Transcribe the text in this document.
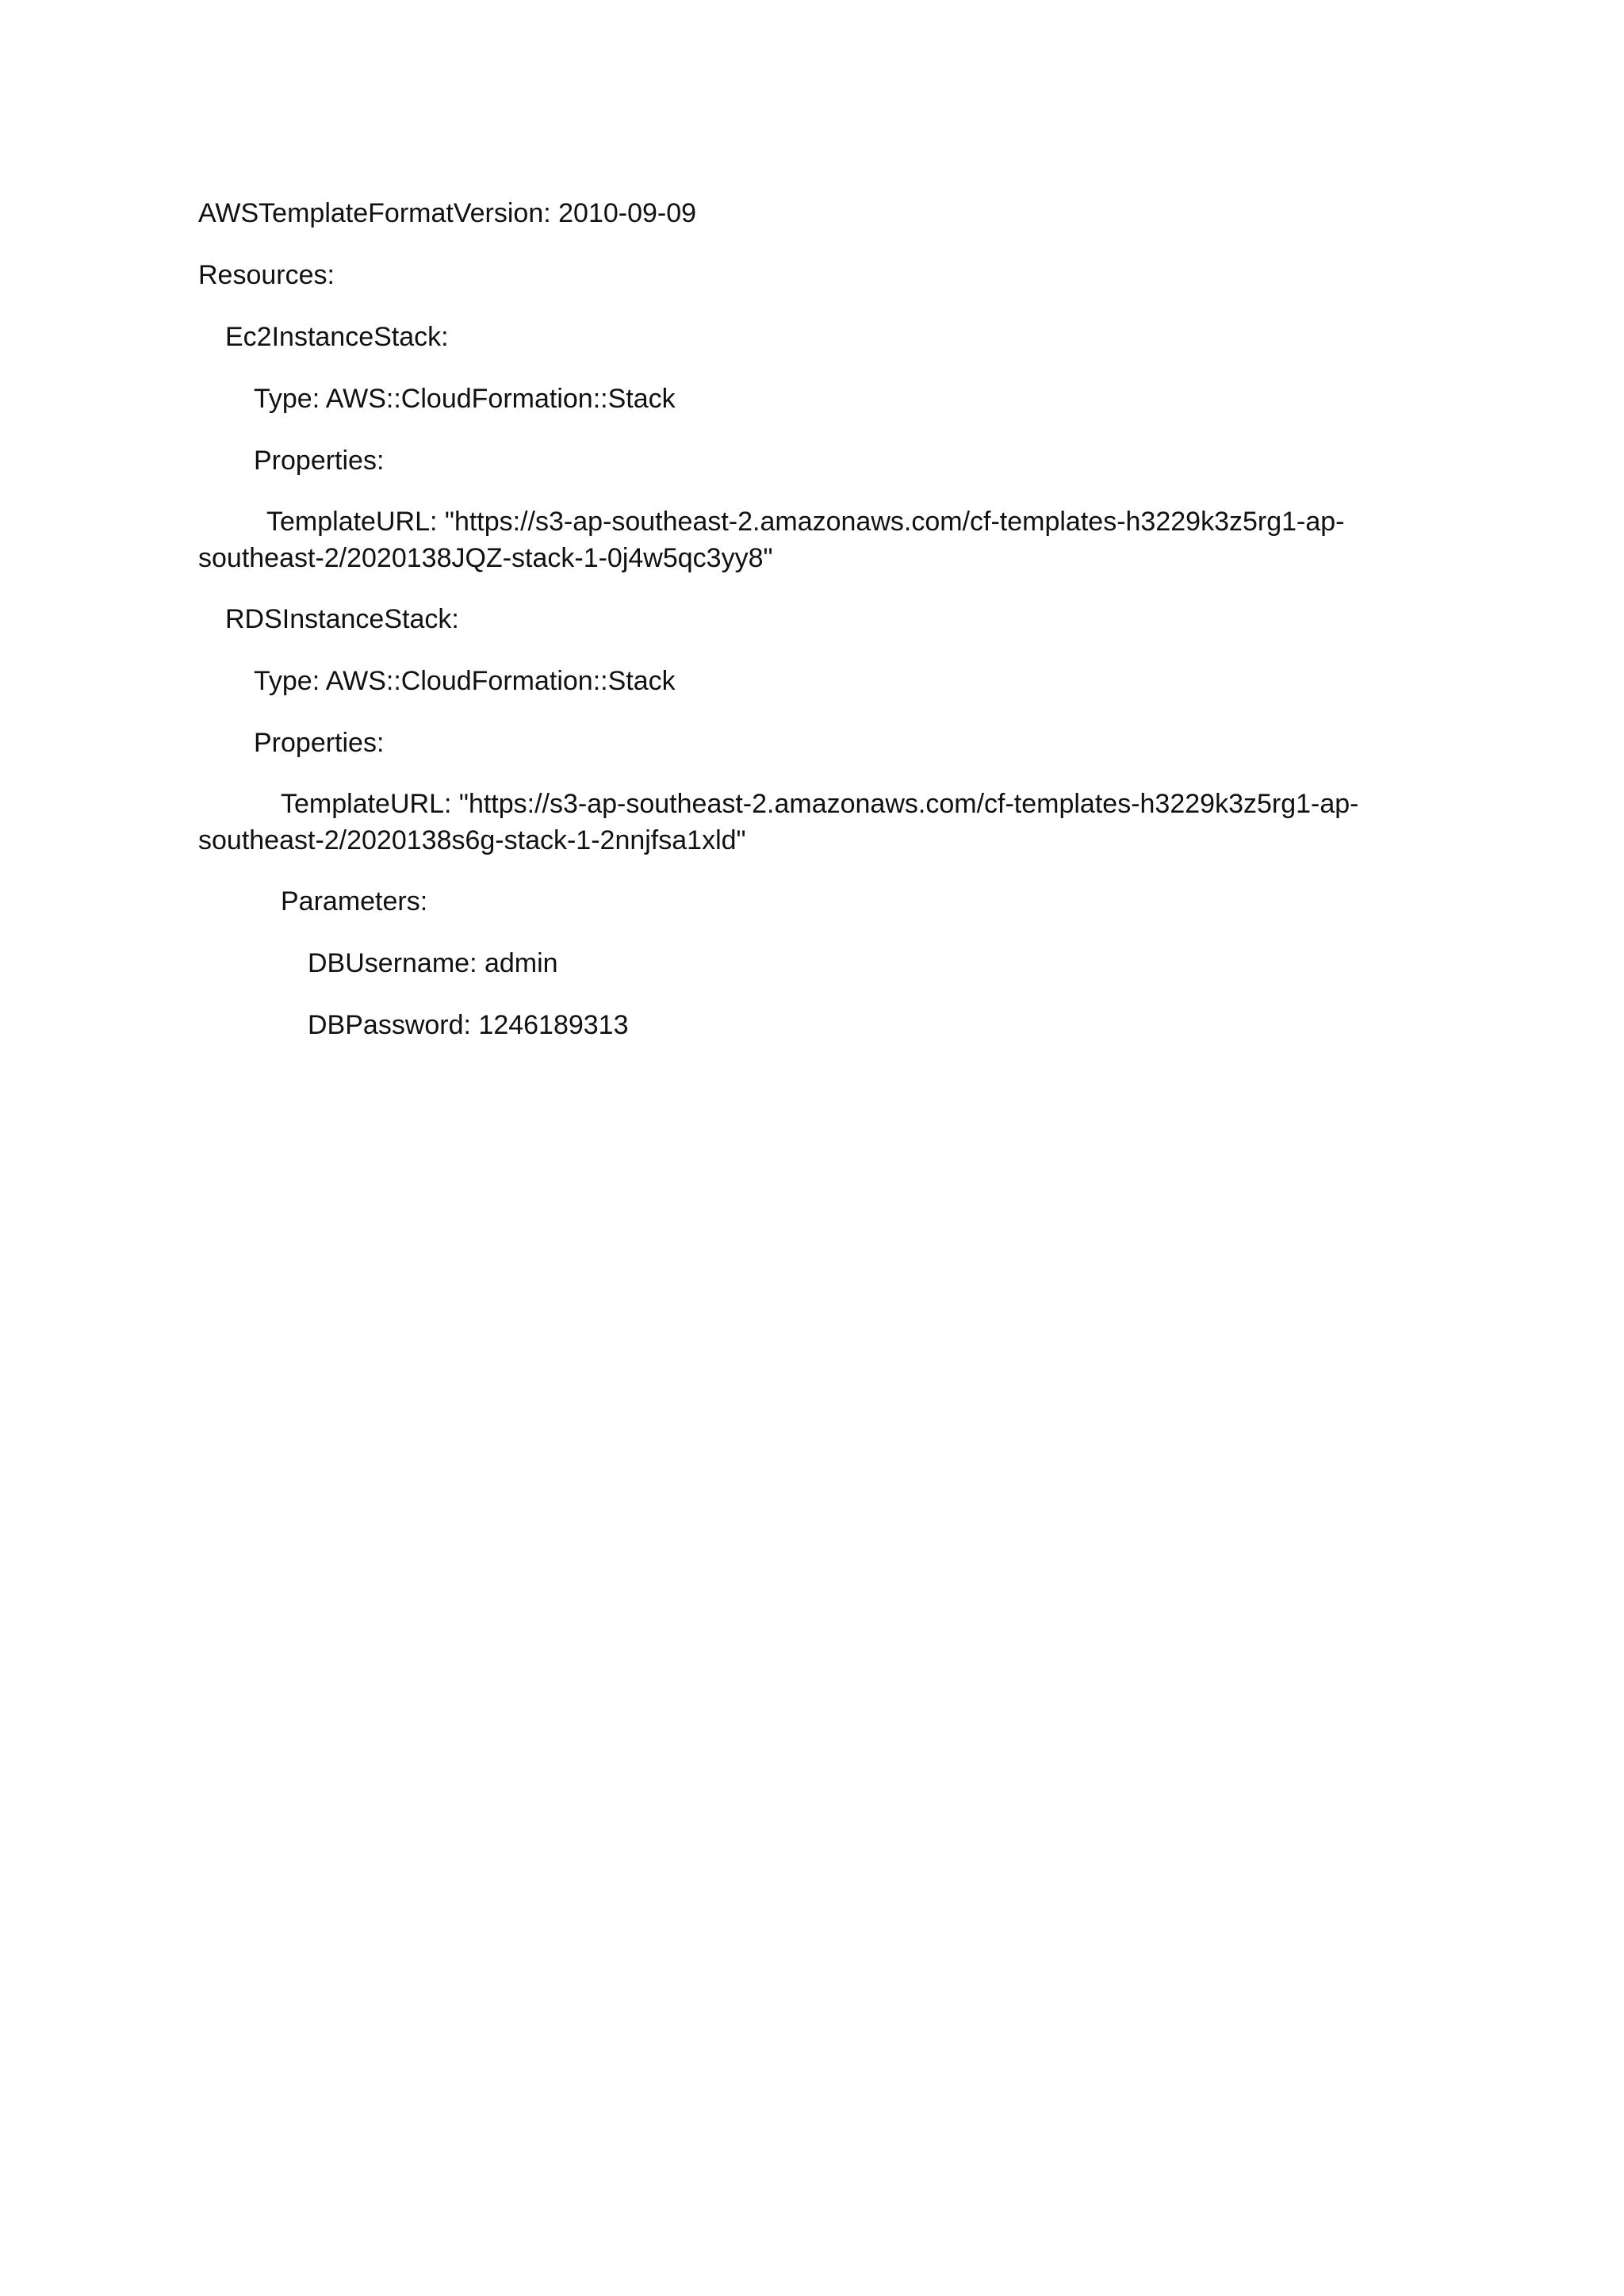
AWSTemplateFormatVersion: 2010-09-09
Resources:
Ec2InstanceStack:
Type: AWS::CloudFormation::Stack
Properties:
TemplateURL: "https://s3-ap-southeast-2.amazonaws.com/cf-templates-h3229k3z5rg1-ap-southeast-2/2020138JQZ-stack-1-0j4w5qc3yy8"
RDSInstanceStack:
Type: AWS::CloudFormation::Stack
Properties:
TemplateURL: "https://s3-ap-southeast-2.amazonaws.com/cf-templates-h3229k3z5rg1-ap-southeast-2/2020138s6g-stack-1-2nnjfsa1xld"
Parameters:
DBUsername: admin
DBPassword: 1246189313
